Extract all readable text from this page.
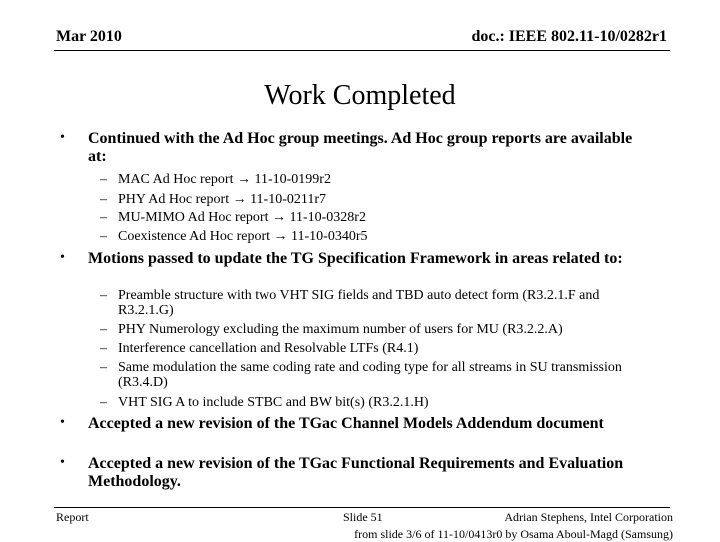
Mar 2010	doc.: IEEE 802.11-10/0282r1
Work Completed
• Continued with the Ad Hoc group meetings. Ad Hoc group reports are available at:
– MAC Ad Hoc report → 11-10-0199r2
– PHY Ad Hoc report → 11-10-0211r7
– MU-MIMO Ad Hoc report → 11-10-0328r2
– Coexistence Ad Hoc report → 11-10-0340r5
• Motions passed to update the TG Specification Framework in areas related to:
– Preamble structure with two VHT SIG fields and TBD auto detect form (R3.2.1.F and R3.2.1.G)
– PHY Numerology excluding the maximum number of users for MU (R3.2.2.A)
– Interference cancellation and Resolvable LTFs (R4.1)
– Same modulation the same coding rate and coding type for all streams in SU transmission (R3.4.D)
– VHT SIG A to include STBC and BW bit(s) (R3.2.1.H)
• Accepted a new revision of the TGac Channel Models Addendum document
• Accepted a new revision of the TGac Functional Requirements and Evaluation Methodology.
Report	Slide 51	Adrian Stephens, Intel Corporation
from slide 3/6 of 11-10/0413r0 by Osama Aboul-Magd (Samsung)
